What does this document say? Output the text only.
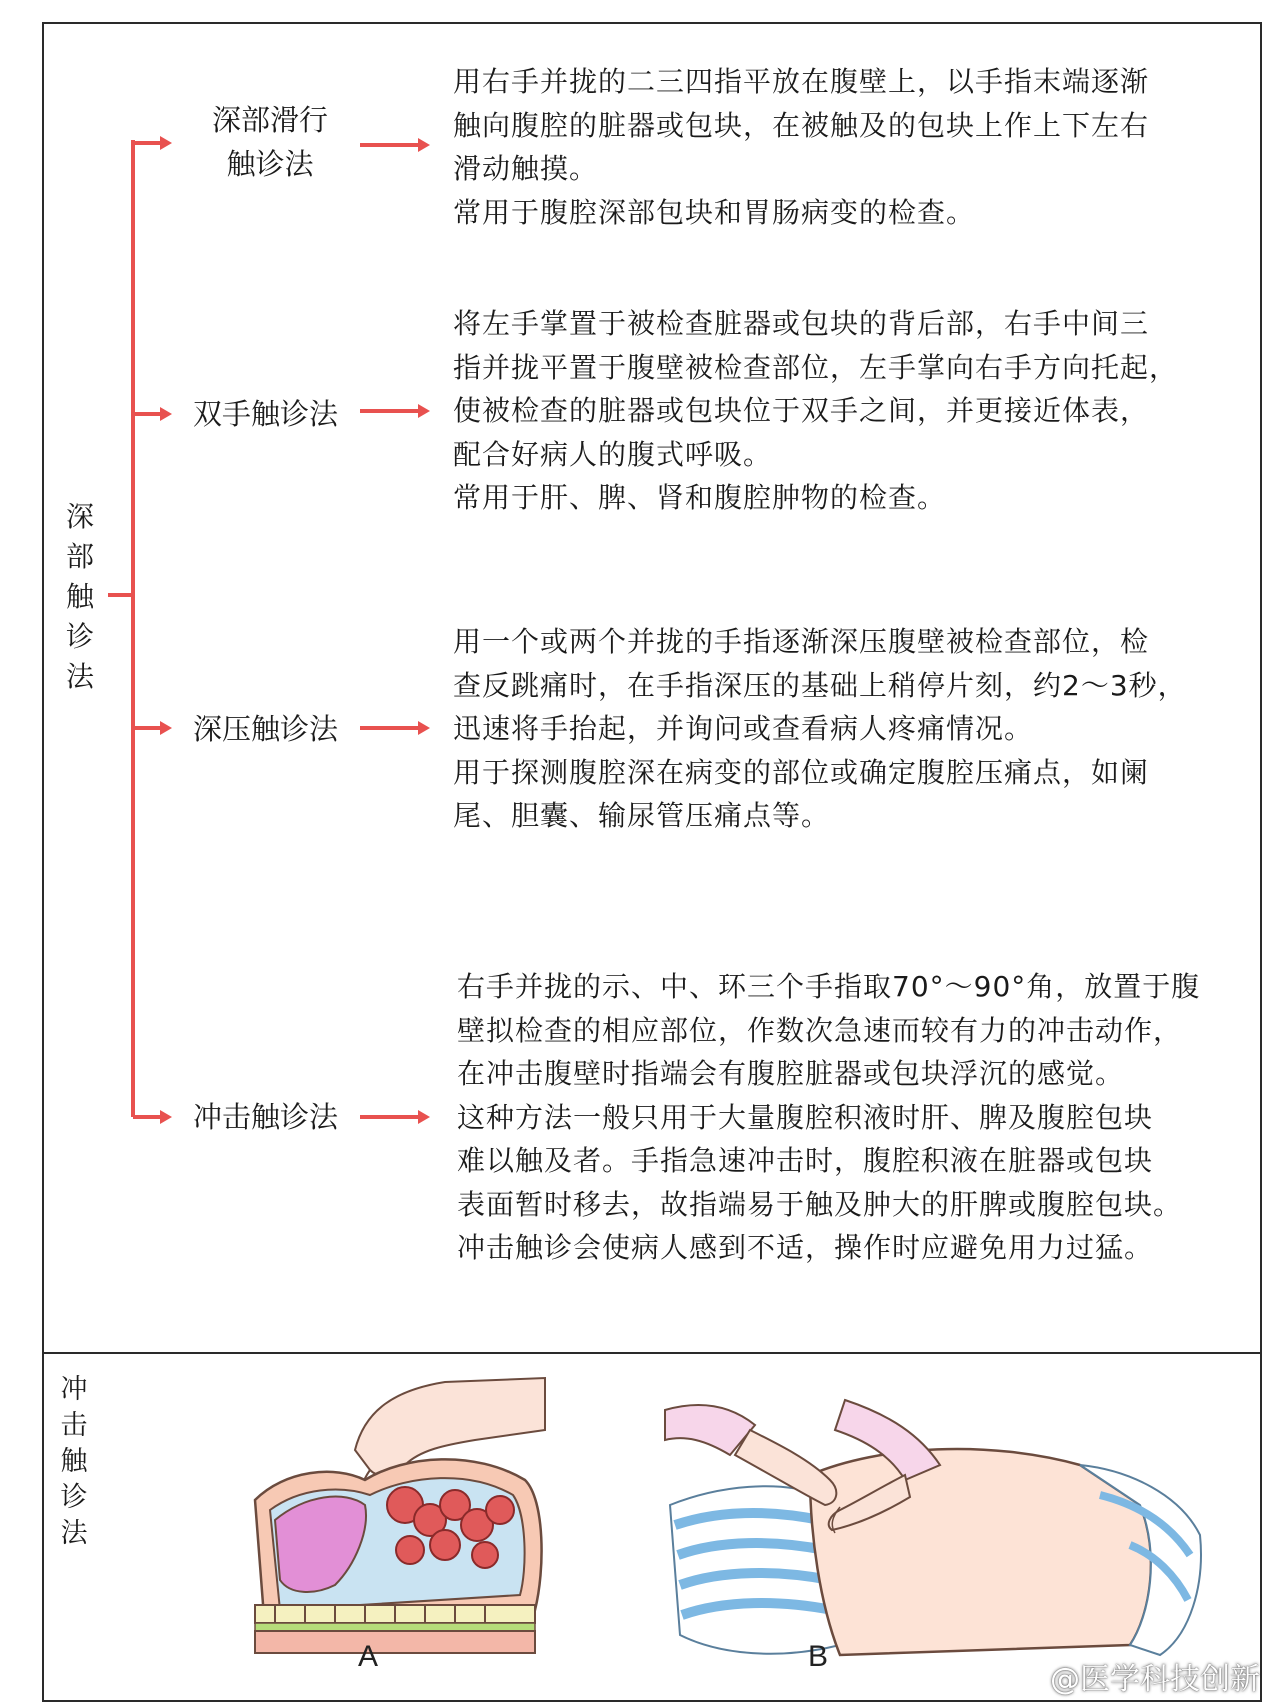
深部触诊法
深部滑行
触诊法
双手触诊法
深压触诊法
冲击触诊法
用右手并拢的二三四指平放在腹壁上，以手指末端逐渐
触向腹腔的脏器或包块，在被触及的包块上作上下左右
滑动触摸。
常用于腹腔深部包块和胃肠病变的检查。
将左手掌置于被检查脏器或包块的背后部，右手中间三
指并拢平置于腹壁被检查部位，左手掌向右手方向托起，
使被检查的脏器或包块位于双手之间，并更接近体表，
配合好病人的腹式呼吸。
常用于肝、脾、肾和腹腔肿物的检查。
用一个或两个并拢的手指逐渐深压腹壁被检查部位，检
查反跳痛时，在手指深压的基础上稍停片刻，约2～3秒，
迅速将手抬起，并询问或查看病人疼痛情况。
用于探测腹腔深在病变的部位或确定腹腔压痛点，如阑
尾、胆囊、输尿管压痛点等。
右手并拢的示、中、环三个手指取70°～90°角，放置于腹
壁拟检查的相应部位，作数次急速而较有力的冲击动作，
在冲击腹壁时指端会有腹腔脏器或包块浮沉的感觉。
这种方法一般只用于大量腹腔积液时肝、脾及腹腔包块
难以触及者。手指急速冲击时，腹腔积液在脏器或包块
表面暂时移去，故指端易于触及肿大的肝脾或腹腔包块。
冲击触诊会使病人感到不适，操作时应避免用力过猛。
冲击触诊法
A	B
@医学科技创新
